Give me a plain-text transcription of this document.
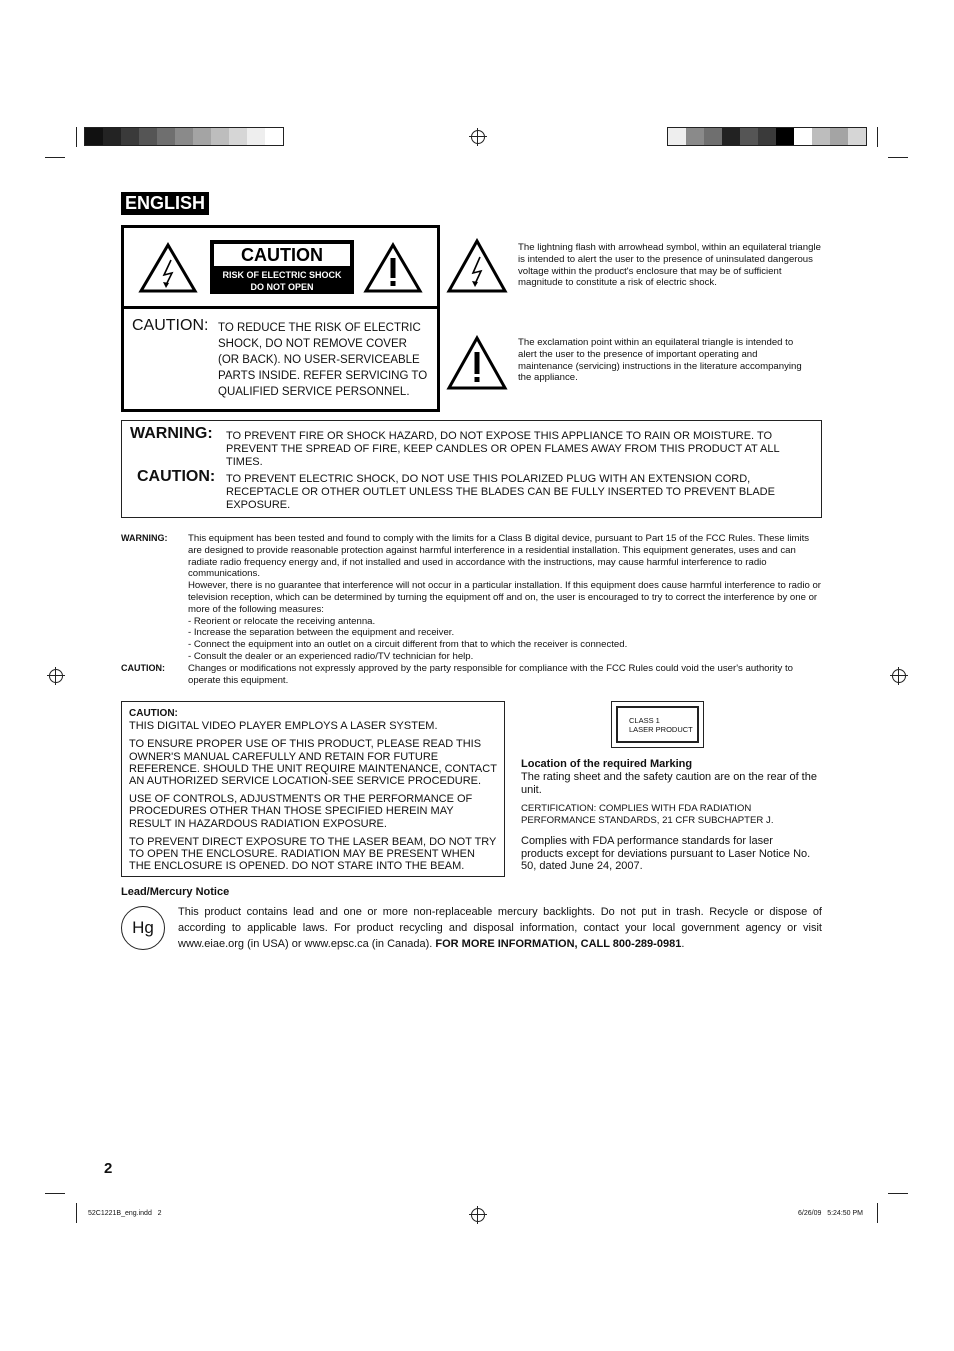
ENGLISH
CAUTION
RISK OF ELECTRIC SHOCK
DO NOT OPEN
CAUTION: TO REDUCE THE RISK OF ELECTRIC
SHOCK, DO NOT REMOVE COVER
(OR BACK). NO USER-SERVICEABLE
PARTS INSIDE. REFER SERVICING TO
QUALIFIED SERVICE PERSONNEL.
The lightning flash with arrowhead symbol, within an equilateral triangle is intended to alert the user to the presence of uninsulated dangerous voltage within the product's enclosure that may be of sufficient magnitude to constitute a risk of electric shock.
The exclamation point within an equilateral triangle is intended to alert the user to the presence of important operating and maintenance (servicing) instructions in the literature accompanying the appliance.
WARNING: TO PREVENT FIRE OR SHOCK HAZARD, DO NOT EXPOSE THIS APPLIANCE TO RAIN OR MOISTURE. TO PREVENT THE SPREAD OF FIRE, KEEP CANDLES OR OPEN FLAMES AWAY FROM THIS PRODUCT AT ALL TIMES.
CAUTION: TO PREVENT ELECTRIC SHOCK, DO NOT USE THIS POLARIZED PLUG WITH AN EXTENSION CORD, RECEPTACLE OR OTHER OUTLET UNLESS THE BLADES CAN BE FULLY INSERTED TO PREVENT BLADE EXPOSURE.
WARNING: This equipment has been tested and found to comply with the limits for a Class B digital device, pursuant to Part 15 of the FCC Rules. These limits are designed to provide reasonable protection against harmful interference in a residential installation. This equipment generates, uses and can radiate radio frequency energy and, if not installed and used in accordance with the instructions, may cause harmful interference to radio communications.
However, there is no guarantee that interference will not occur in a particular installation. If this equipment does cause harmful interference to radio or television reception, which can be determined by turning the equipment off and on, the user is encouraged to try to correct the interference by one or more of the following measures:
- Reorient or relocate the receiving antenna.
- Increase the separation between the equipment and receiver.
- Connect the equipment into an outlet on a circuit different from that to which the receiver is connected.
- Consult the dealer or an experienced radio/TV technician for help.
CAUTION: Changes or modifications not expressly approved by the party responsible for compliance with the FCC Rules could void the user's authority to operate this equipment.
CAUTION:

THIS DIGITAL VIDEO PLAYER EMPLOYS A LASER SYSTEM.

TO ENSURE PROPER USE OF THIS PRODUCT, PLEASE READ THIS OWNER'S MANUAL CAREFULLY AND RETAIN FOR FUTURE REFERENCE. SHOULD THE UNIT REQUIRE MAINTENANCE, CONTACT AN AUTHORIZED SERVICE LOCATION-SEE SERVICE PROCEDURE.

USE OF CONTROLS, ADJUSTMENTS OR THE PERFORMANCE OF PROCEDURES OTHER THAN THOSE SPECIFIED HEREIN MAY RESULT IN HAZARDOUS RADIATION EXPOSURE.

TO PREVENT DIRECT EXPOSURE TO THE LASER BEAM, DO NOT TRY TO OPEN THE ENCLOSURE. RADIATION MAY BE PRESENT WHEN THE ENCLOSURE IS OPENED. DO NOT STARE INTO THE BEAM.

CLASS 1
LASER PRODUCT
Location of the required Marking
The rating sheet and the safety caution are on the rear of the unit.
CERTIFICATION: COMPLIES WITH FDA RADIATION PERFORMANCE STANDARDS, 21 CFR SUBCHAPTER J.
Complies with FDA performance standards for laser products except for deviations pursuant to Laser Notice No. 50, dated June 24, 2007.
Lead/Mercury Notice
Hg
This product contains lead and one or more non-replaceable mercury backlights. Do not put in trash. Recycle or dispose of according to applicable laws. For product recycling and disposal information, contact your local government agency or visit www.eiae.org (in USA) or www.epsc.ca (in Canada). FOR MORE INFORMATION, CALL 800-289-0981.
2
52C1221B_eng.indd   2	6/26/09   5:24:50 PM
